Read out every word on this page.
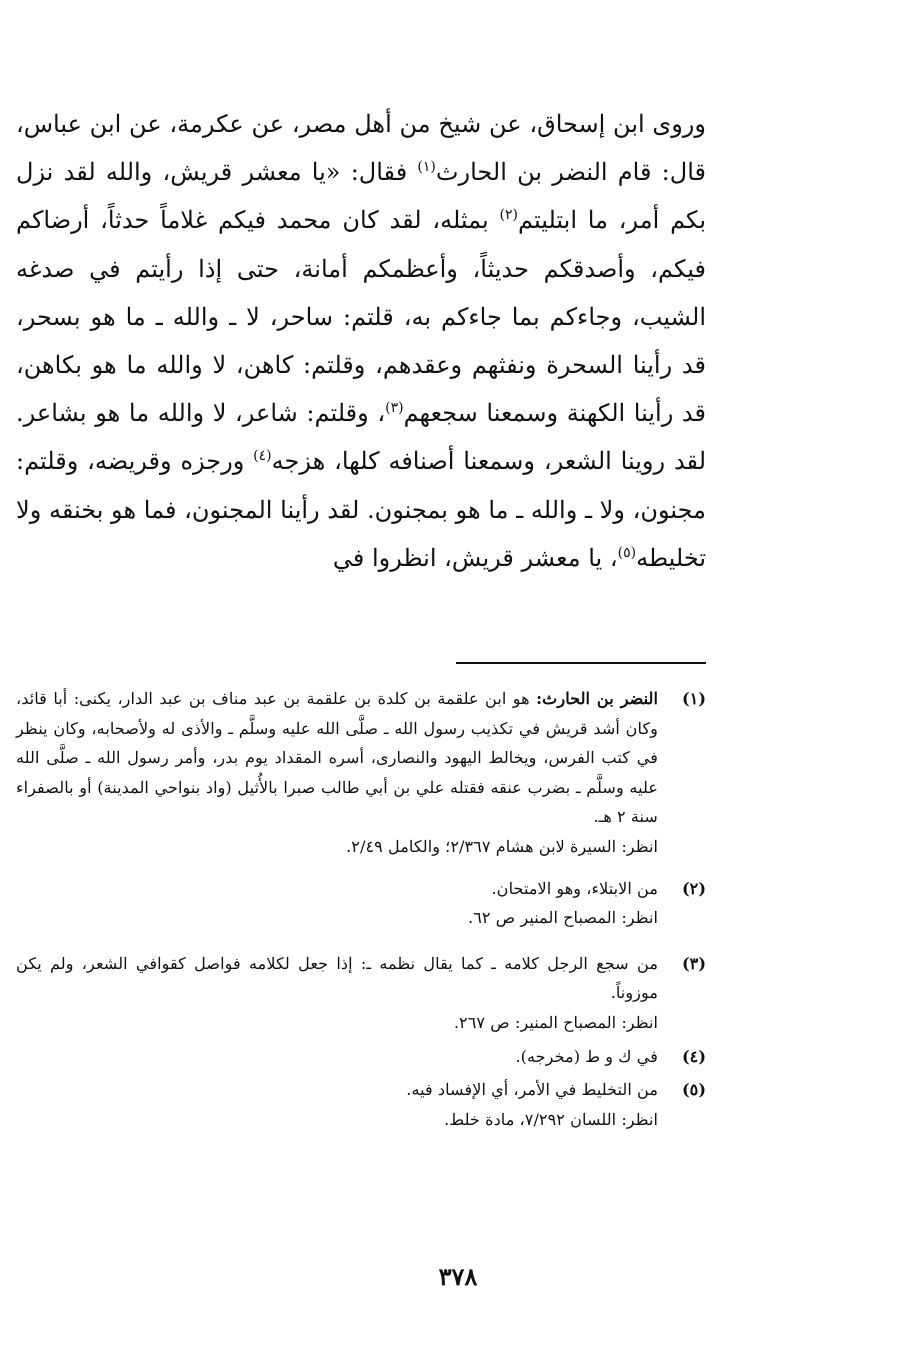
وروى ابن إسحاق، عن شيخ من أهل مصر، عن عكرمة، عن ابن عباس، قال: قام النضر بن الحارث$^{(١)}$ فقال: «يا معشر قريش، والله لقد نزل بكم أمر، ما ابتليتم$^{(٢)}$ بمثله، لقد كان محمد فيكم غلاماً حدثاً، أرضاكم فيكم، وأصدقكم حديثاً، وأعظمكم أمانة، حتى إذا رأيتم في صدغه الشيب، وجاءكم بما جاءكم به، قلتم: ساحر، لا ـ والله ـ ما هو بسحر، قد رأينا السحرة ونفثهم وعقدهم، وقلتم: كاهن، لا والله ما هو بكاهن، قد رأينا الكهنة وسمعنا سجعهم$^{(٣)}$، وقلتم: شاعر، لا والله ما هو بشاعر. لقد روينا الشعر، وسمعنا أصنافه كلها، هزجه$^{(٤)}$ ورجزه وقريضه، وقلتم: مجنون، ولا ـ والله ـ ما هو بمجنون. لقد رأينا المجنون، فما هو بخنقه ولا تخليطه$^{(٥)}$، يا معشر قريش، انظروا في

(١)

النضر بن الحارث: هو ابن علقمة بن كلدة بن علقمة بن عبد مناف بن عبد الدار، يكنى: أبا قائد، وكان أشد قريش في تكذيب رسول الله ـ صلَّى الله عليه وسلَّم ـ والأذى له ولأصحابه، وكان ينظر في كتب الفرس، ويخالط اليهود والنصارى، أسره المقداد يوم بدر، وأمر رسول الله ـ صلَّى الله عليه وسلَّم ـ بضرب عنقه فقتله علي بن أبي طالب صبرا بالأُثيل (واد بنواحي المدينة) أو بالصفراء سنة ٢ هـ.

انظر: السيرة لابن هشام ٢/٣٦٧؛ والكامل ٢/٤٩.

(٢)

من الابتلاء، وهو الامتحان.

انظر: المصباح المنير ص ٦٢.

(٣)

من سجع الرجل كلامه ـ كما يقال نظمه ـ: إذا جعل لكلامه فواصل كقوافي الشعر، ولم يكن موزوناً.

انظر: المصباح المنير: ص ٢٦٧.

(٤)

في ك و ط (مخرجه).

(٥)

من التخليط في الأمر، أي الإفساد فيه.

انظر: اللسان ٧/٢٩٢، مادة خلط.

٣٧٨
